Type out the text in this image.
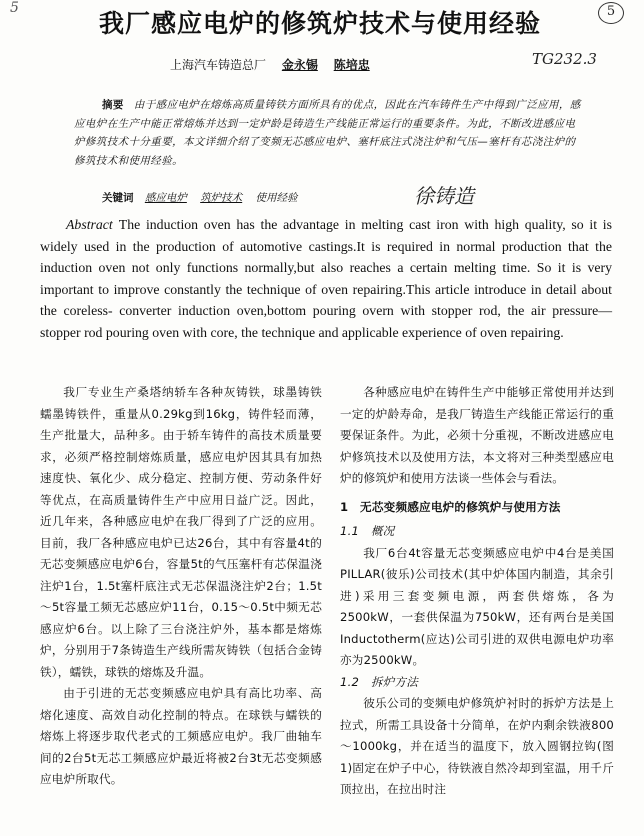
5
我厂感应电炉的修筑炉技术与使用经验	5
上海汽车铸造总厂 金永锡 陈培忠	TG232.3
摘要 由于感应电炉在熔炼高质量铸铁方面所具有的优点，因此在汽车铸件生产中得到广泛应用，感应电炉在生产中能正常熔炼并达到一定炉龄是铸造生产线能正常运行的重要条件。为此，不断改进感应电炉修筑技术十分重要，本文详细介绍了变频无芯感应电炉、塞杆底注式浇注炉和气压—塞杆有芯浇注炉的修筑技术和使用经验。
关键词 感应电炉 筑炉技术 使用经验	徐铸造
Abstract The induction oven has the advantage in melting cast iron with high quality, so it is widely used in the production of automotive castings.It is required in normal production that the induction oven not only functions normally,but also reaches a certain melting time. So it is very important to improve constantly the technique of oven repairing.This article introduce in detail about the coreless- converter induction oven,bottom pouring overn with stopper rod, the air pressure—stopper rod pouring oven with core, the technique and applicable experience of oven repairing.

我厂专业生产桑塔纳轿车各种灰铸铁，球墨铸铁蠕墨铸铁件，重量从0.29kg到16kg，铸件轻而薄，生产批量大，品种多。由于轿车铸件的高技术质量要求，必须严格控制熔炼质量，感应电炉因其具有加热速度快、氧化少、成分稳定、控制方便、劳动条件好等优点，在高质量铸件生产中应用日益广泛。因此，近几年来，各种感应电炉在我厂得到了广泛的应用。目前，我厂各种感应电炉已达26台，其中有容量4t的无芯变频感应电炉6台，容量5t的气压塞杆有芯保温浇注炉1台，1.5t塞杆底注式无芯保温浇注炉2台；1.5t～5t容量工频无芯感应炉11台，0.15～0.5t中频无芯感应炉6台。以上除了三台浇注炉外，基本都是熔炼炉，分别用于7条铸造生产线所需灰铸铁（包括合金铸铁），蠕铁，球铁的熔炼及升温。

由于引进的无芯变频感应电炉具有高比功率、高熔化速度、高效自动化控制的特点。在球铁与蠕铁的熔炼上将逐步取代老式的工频感应电炉。我厂曲轴车间的2台5t无芯工频感应炉最近将被2台3t无芯变频感应电炉所取代。

各种感应电炉在铸件生产中能够正常使用并达到一定的炉龄寿命，是我厂铸造生产线能正常运行的重要保证条件。为此，必须十分重视，不断改进感应电炉修筑技术以及使用方法，本文将对三种类型感应电炉的修筑炉和使用方法谈一些体会与看法。

1　无芯变频感应电炉的修筑炉与使用方法

1.1　概况

我厂6台4t容量无芯变频感应电炉中4台是美国PILLAR(彼乐)公司技术(其中炉体国内制造，其余引进)采用三套变频电源，两套供熔炼，各为2500kW，一套供保温为750kW，还有两台是美国Inductotherm(应达)公司引进的双供电源电炉功率亦为2500kW。

1.2　拆炉方法

彼乐公司的变频电炉修筑炉衬时的拆炉方法是上拉式，所需工具设备十分简单，在炉内剩余铁液800～1000kg，并在适当的温度下，放入圆钢拉钩(图1)固定在炉子中心，待铁液自然冷却到室温，用千斤顶拉出，在拉出时注
